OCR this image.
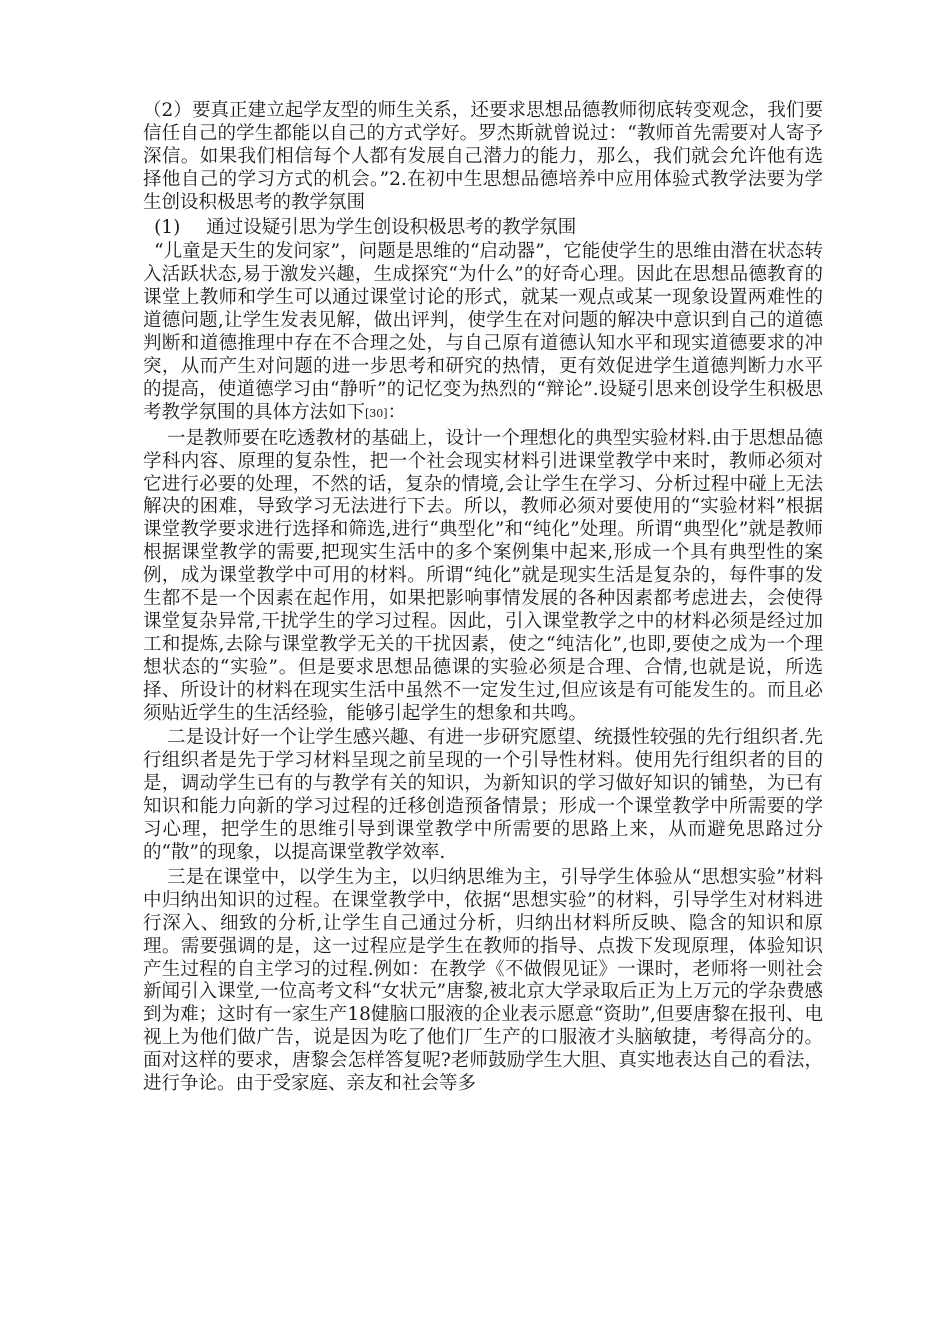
（2）要真正建立起学友型的师生关系，还要求思想品德教师彻底转变观念，我们要信任自己的学生都能以自己的方式学好。罗杰斯就曾说过：“教师首先需要对人寄予深信。如果我们相信每个人都有发展自己潜力的能力，那么，我们就会允许他有选择他自己的学习方式的机会。”2.在初中生思想品德培养中应用体验式教学法要为学生创设积极思考的教学氛围

(1) 通过设疑引思为学生创设积极思考的教学氛围

“儿童是天生的发问家”，问题是思维的“启动器”，它能使学生的思维由潜在状态转入活跃状态,易于激发兴趣，生成探究“为什么”的好奇心理。因此在思想品德教育的课堂上教师和学生可以通过课堂讨论的形式，就某一观点或某一现象设置两难性的道德问题,让学生发表见解，做出评判，使学生在对问题的解决中意识到自己的道德判断和道德推理中存在不合理之处，与自己原有道德认知水平和现实道德要求的冲突，从而产生对问题的进一步思考和研究的热情，更有效促进学生道德判断力水平的提高，使道德学习由“静听”的记忆变为热烈的“辩论”.设疑引思来创设学生积极思考教学氛围的具体方法如下[30]：

一是教师要在吃透教材的基础上，设计一个理想化的典型实验材料.由于思想品德学科内容、原理的复杂性，把一个社会现实材料引进课堂教学中来时，教师必须对它进行必要的处理，不然的话，复杂的情境,会让学生在学习、分析过程中碰上无法解决的困难，导致学习无法进行下去。所以，教师必须对要使用的“实验材料”根据课堂教学要求进行选择和筛选,进行“典型化”和“纯化”处理。所谓“典型化”就是教师根据课堂教学的需要,把现实生活中的多个案例集中起来,形成一个具有典型性的案例，成为课堂教学中可用的材料。所谓“纯化”就是现实生活是复杂的，每件事的发生都不是一个因素在起作用，如果把影响事情发展的各种因素都考虑进去，会使得课堂复杂异常,干扰学生的学习过程。因此，引入课堂教学之中的材料必须是经过加工和提炼,去除与课堂教学无关的干扰因素，使之“纯洁化”,也即,要使之成为一个理想状态的“实验”。但是要求思想品德课的实验必须是合理、合情,也就是说，所选择、所设计的材料在现实生活中虽然不一定发生过,但应该是有可能发生的。而且必须贴近学生的生活经验，能够引起学生的想象和共鸣。

二是设计好一个让学生感兴趣、有进一步研究愿望、统摄性较强的先行组织者.先行组织者是先于学习材料呈现之前呈现的一个引导性材料。使用先行组织者的目的是，调动学生已有的与教学有关的知识，为新知识的学习做好知识的铺垫，为已有知识和能力向新的学习过程的迁移创造预备情景；形成一个课堂教学中所需要的学习心理，把学生的思维引导到课堂教学中所需要的思路上来，从而避免思路过分的“散”的现象，以提高课堂教学效率.

三是在课堂中，以学生为主，以归纳思维为主，引导学生体验从“思想实验”材料中归纳出知识的过程。在课堂教学中，依据“思想实验”的材料，引导学生对材料进行深入、细致的分析,让学生自己通过分析，归纳出材料所反映、隐含的知识和原理。需要强调的是，这一过程应是学生在教师的指导、点拨下发现原理，体验知识产生过程的自主学习的过程.例如：在教学《不做假见证》一课时，老师将一则社会新闻引入课堂,一位高考文科“女状元”唐黎,被北京大学录取后正为上万元的学杂费感到为难；这时有一家生产18健脑口服液的企业表示愿意“资助”,但要唐黎在报刊、电视上为他们做广告，说是因为吃了他们厂生产的口服液才头脑敏捷，考得高分的。面对这样的要求，唐黎会怎样答复呢?老师鼓励学生大胆、真实地表达自己的看法，进行争论。由于受家庭、亲友和社会等多
